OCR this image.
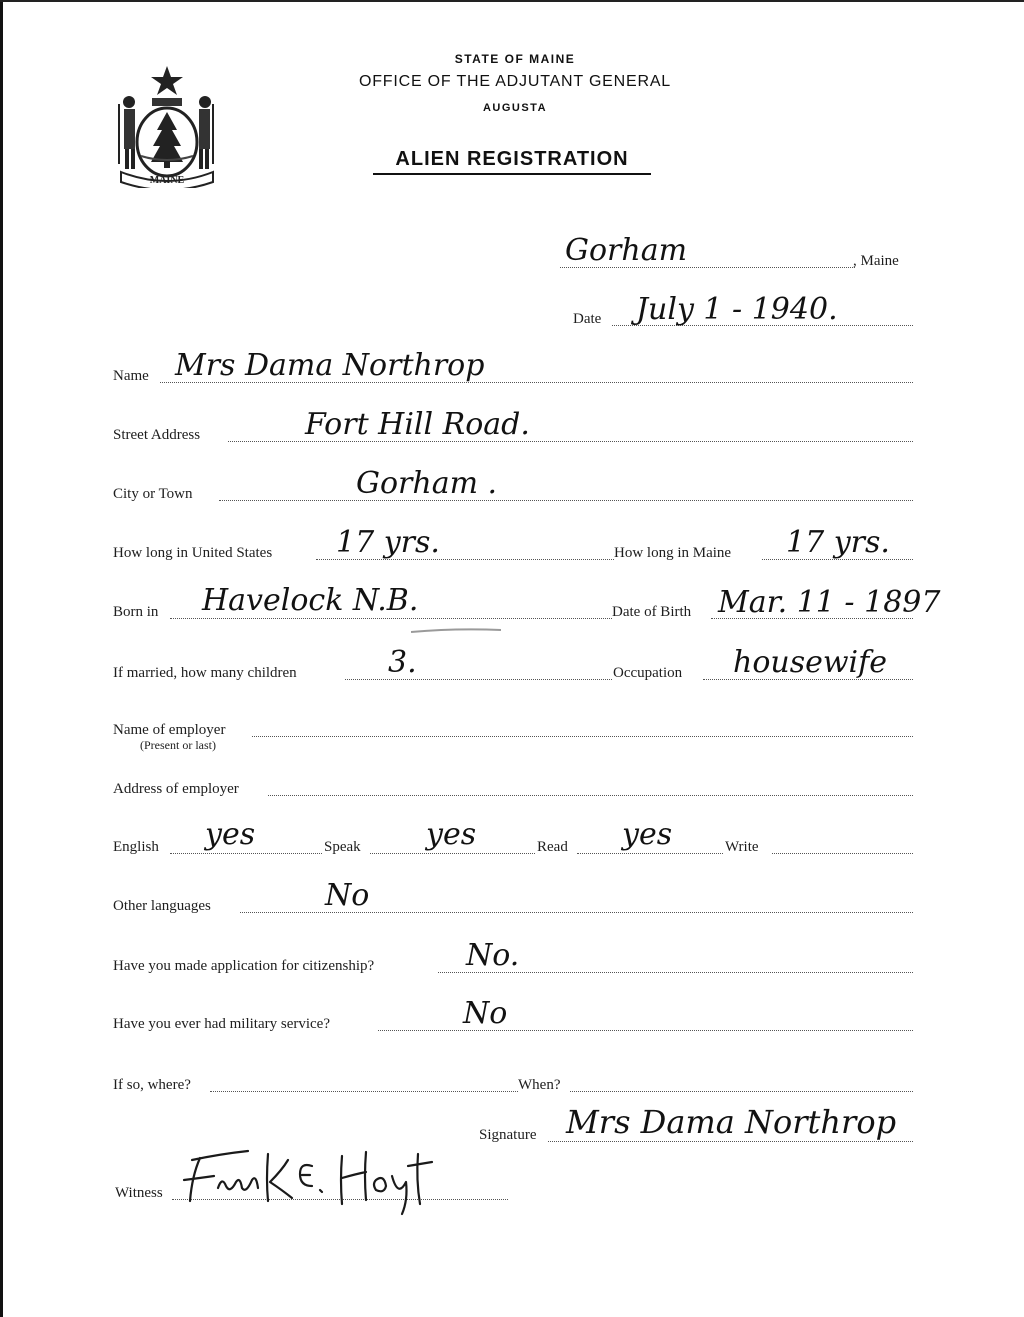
MAINE
STATE OF MAINE
OFFICE OF THE ADJUTANT GENERAL
AUGUSTA
ALIEN REGISTRATION
Gorham	, Maine
Date July 1 - 1940.
Name Mrs Dama Northrop
Street Address	Fort Hill Road.
City or Town	Gorham .
How long in United States 17 yrs.	How long in Maine 17 yrs.
Born in Havelock N.B.	Date of Birth Mar. 11 - 1897
If married, how many children	3.	Occupation housewife
Name of employer
(Present or last)
Address of employer
English yes	Speak yes	Read yes	Write
Other languages	No
Have you made application for citizenship?	No.
Have you ever had military service?	No
If so, where?	When?
Signature Mrs Dama Northrop
Witness
Frank E. Hoyt
